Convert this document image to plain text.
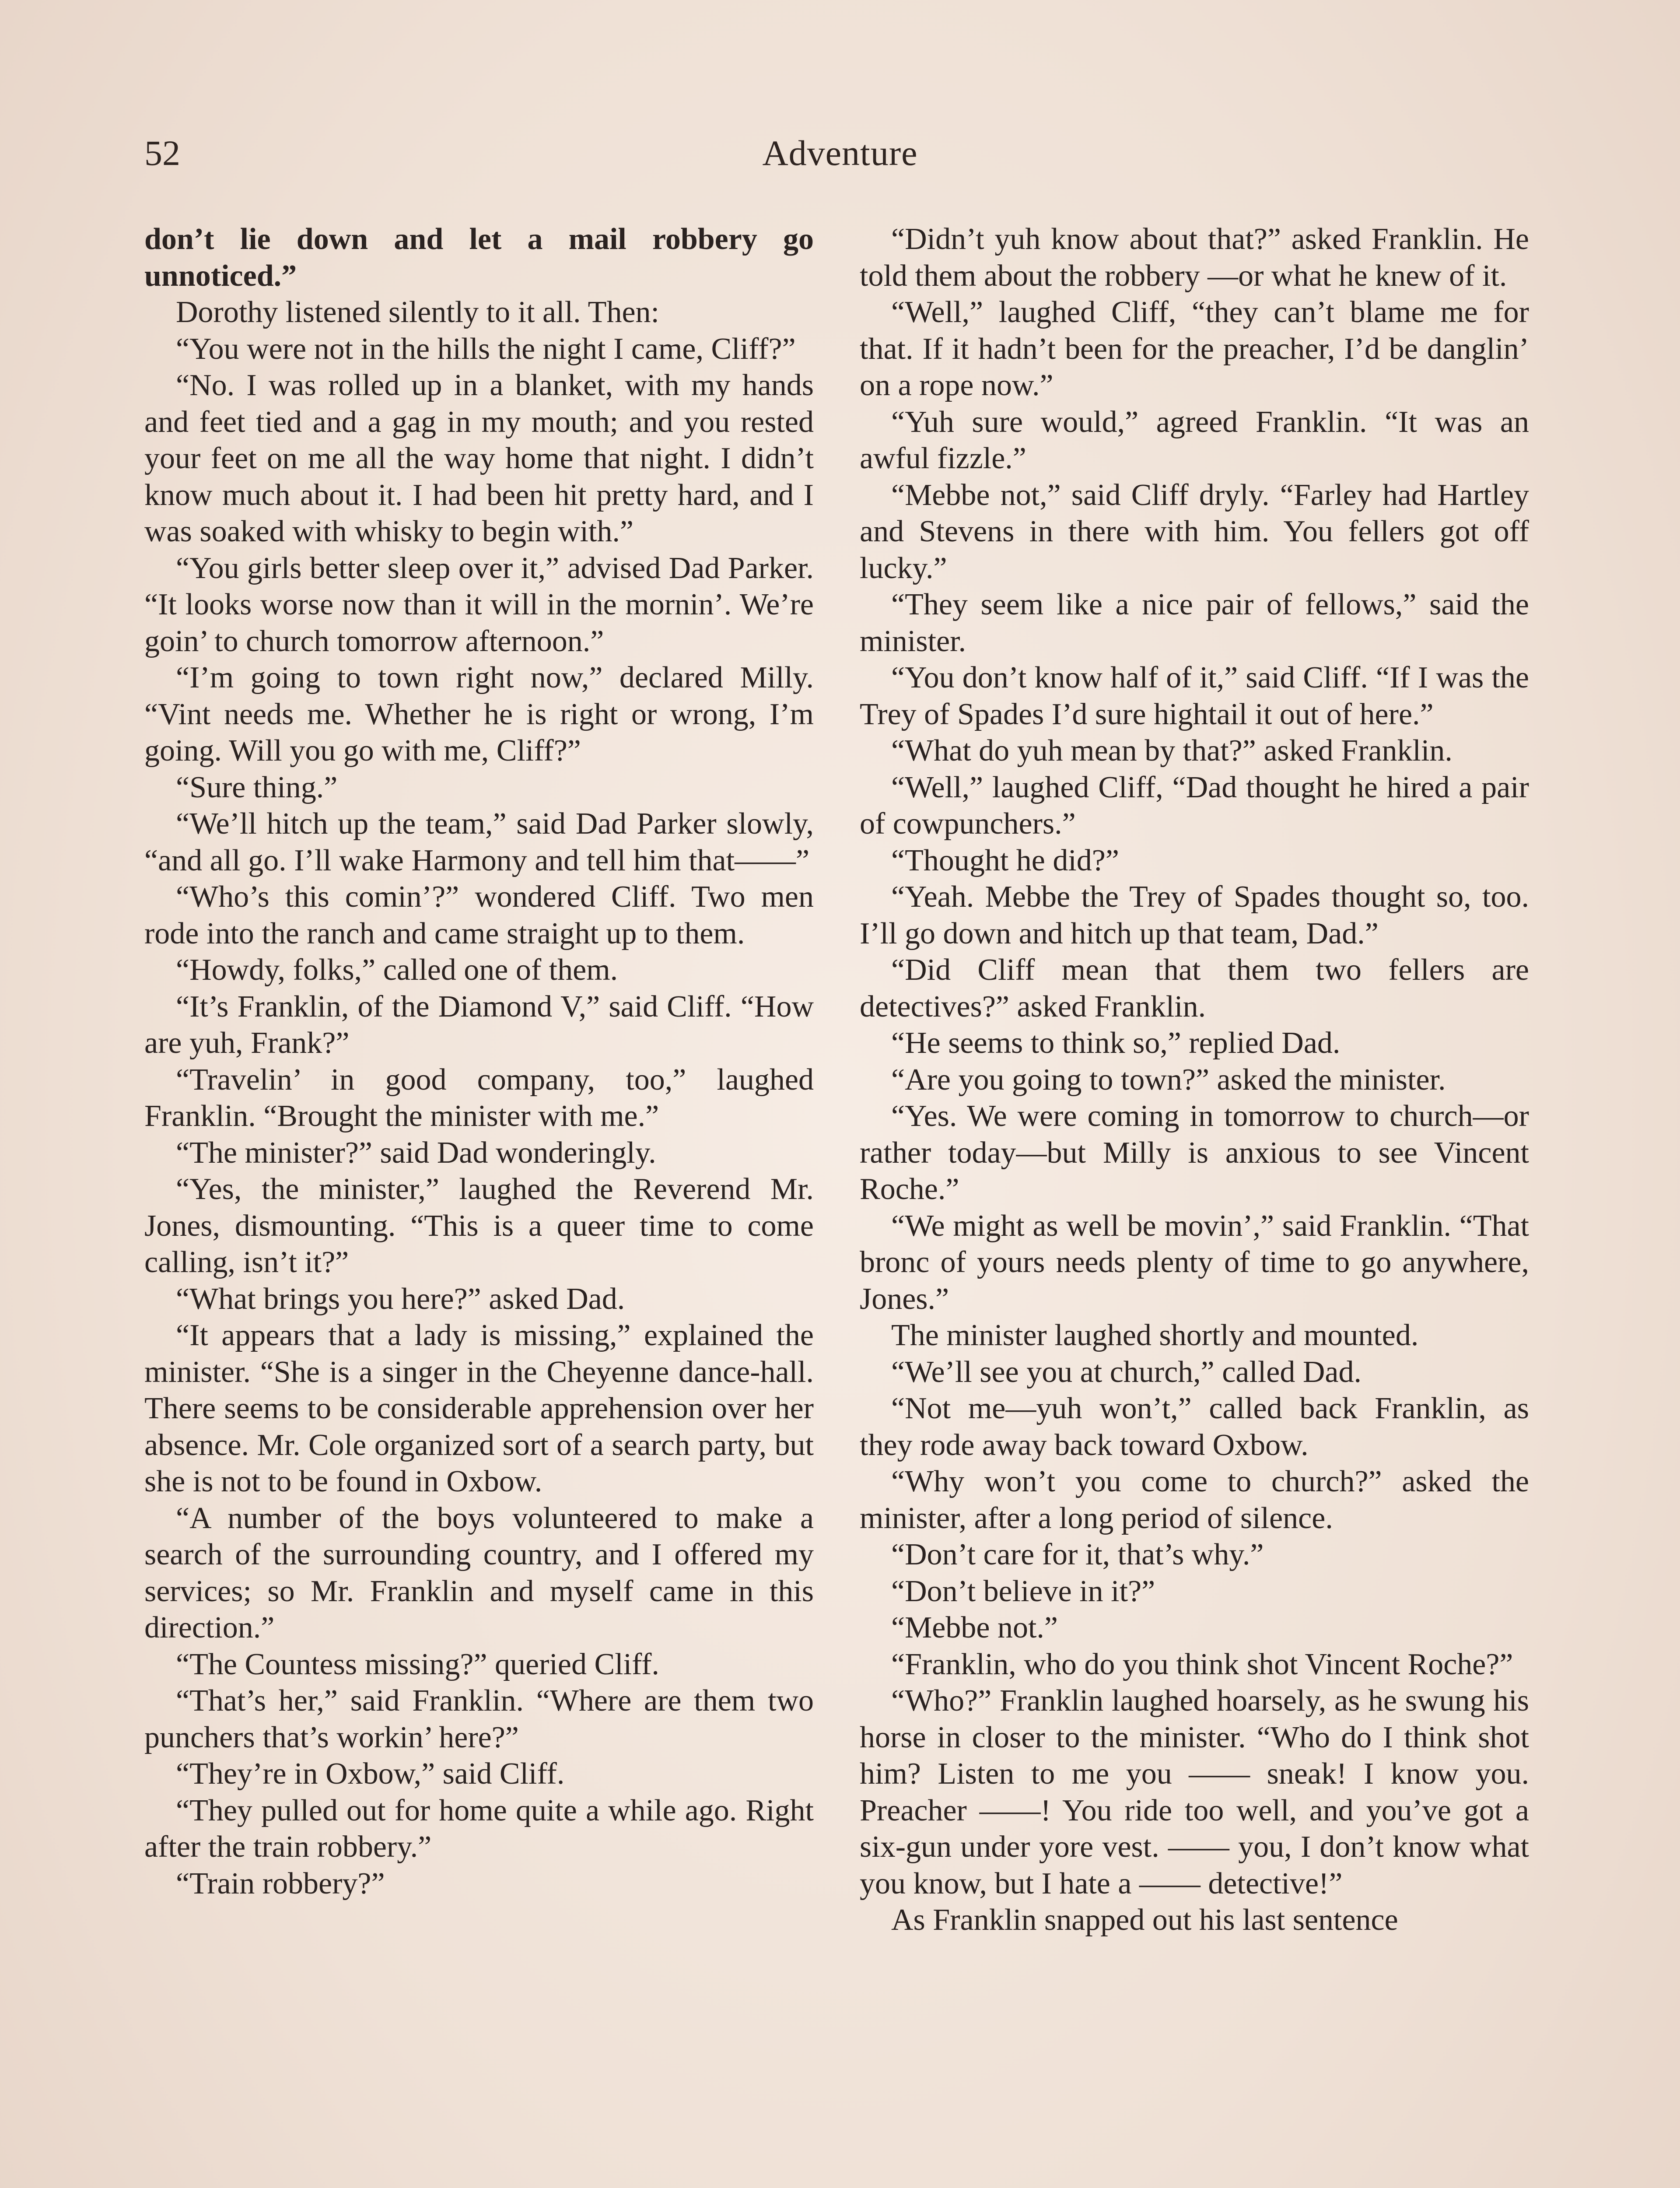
52	Adventure

don’t lie down and let a mail robbery go unnoticed.”

Dorothy listened silently to it all. Then:

“You were not in the hills the night I came, Cliff?”

“No. I was rolled up in a blanket, with my hands and feet tied and a gag in my mouth; and you rested your feet on me all the way home that night. I didn’t know much about it. I had been hit pretty hard, and I was soaked with whisky to begin with.”

“You girls better sleep over it,” advised Dad Parker. “It looks worse now than it will in the mornin’. We’re goin’ to church tomorrow afternoon.”

“I’m going to town right now,” declared Milly. “Vint needs me. Whether he is right or wrong, I’m going. Will you go with me, Cliff?”

“Sure thing.”

“We’ll hitch up the team,” said Dad Parker slowly, “and all go. I’ll wake Harmony and tell him that——”

“Who’s this comin’?” wondered Cliff. Two men rode into the ranch and came straight up to them.

“Howdy, folks,” called one of them.

“It’s Franklin, of the Diamond V,” said Cliff. “How are yuh, Frank?”

“Travelin’ in good company, too,” laughed Franklin. “Brought the minister with me.”

“The minister?” said Dad wonderingly.

“Yes, the minister,” laughed the Reverend Mr. Jones, dismounting. “This is a queer time to come calling, isn’t it?”

“What brings you here?” asked Dad.

“It appears that a lady is missing,” explained the minister. “She is a singer in the Cheyenne dance-hall. There seems to be considerable apprehension over her absence. Mr. Cole organized sort of a search party, but she is not to be found in Oxbow.

“A number of the boys volunteered to make a search of the surrounding country, and I offered my services; so Mr. Franklin and myself came in this direction.”

“The Countess missing?” queried Cliff.

“That’s her,” said Franklin. “Where are them two punchers that’s workin’ here?”

“They’re in Oxbow,” said Cliff.

“They pulled out for home quite a while ago. Right after the train robbery.”

“Train robbery?”

“Didn’t yuh know about that?” asked Franklin. He told them about the robbery —or what he knew of it.

“Well,” laughed Cliff, “they can’t blame me for that. If it hadn’t been for the preacher, I’d be danglin’ on a rope now.”

“Yuh sure would,” agreed Franklin. “It was an awful fizzle.”

“Mebbe not,” said Cliff dryly. “Farley had Hartley and Stevens in there with him. You fellers got off lucky.”

“They seem like a nice pair of fellows,” said the minister.

“You don’t know half of it,” said Cliff. “If I was the Trey of Spades I’d sure hightail it out of here.”

“What do yuh mean by that?” asked Franklin.

“Well,” laughed Cliff, “Dad thought he hired a pair of cowpunchers.”

“Thought he did?”

“Yeah. Mebbe the Trey of Spades thought so, too. I’ll go down and hitch up that team, Dad.”

“Did Cliff mean that them two fellers are detectives?” asked Franklin.

“He seems to think so,” replied Dad.

“Are you going to town?” asked the minister.

“Yes. We were coming in tomorrow to church—or rather today—but Milly is anxious to see Vincent Roche.”

“We might as well be movin’,” said Franklin. “That bronc of yours needs plenty of time to go anywhere, Jones.”

The minister laughed shortly and mounted.

“We’ll see you at church,” called Dad.

“Not me—yuh won’t,” called back Franklin, as they rode away back toward Oxbow.

“Why won’t you come to church?” asked the minister, after a long period of silence.

“Don’t care for it, that’s why.”

“Don’t believe in it?”

“Mebbe not.”

“Franklin, who do you think shot Vincent Roche?”

“Who?” Franklin laughed hoarsely, as he swung his horse in closer to the minister. “Who do I think shot him? Listen to me you —— sneak! I know you. Preacher ——! You ride too well, and you’ve got a six-gun under yore vest. —— you, I don’t know what you know, but I hate a —— detective!”

As Franklin snapped out his last sentence
